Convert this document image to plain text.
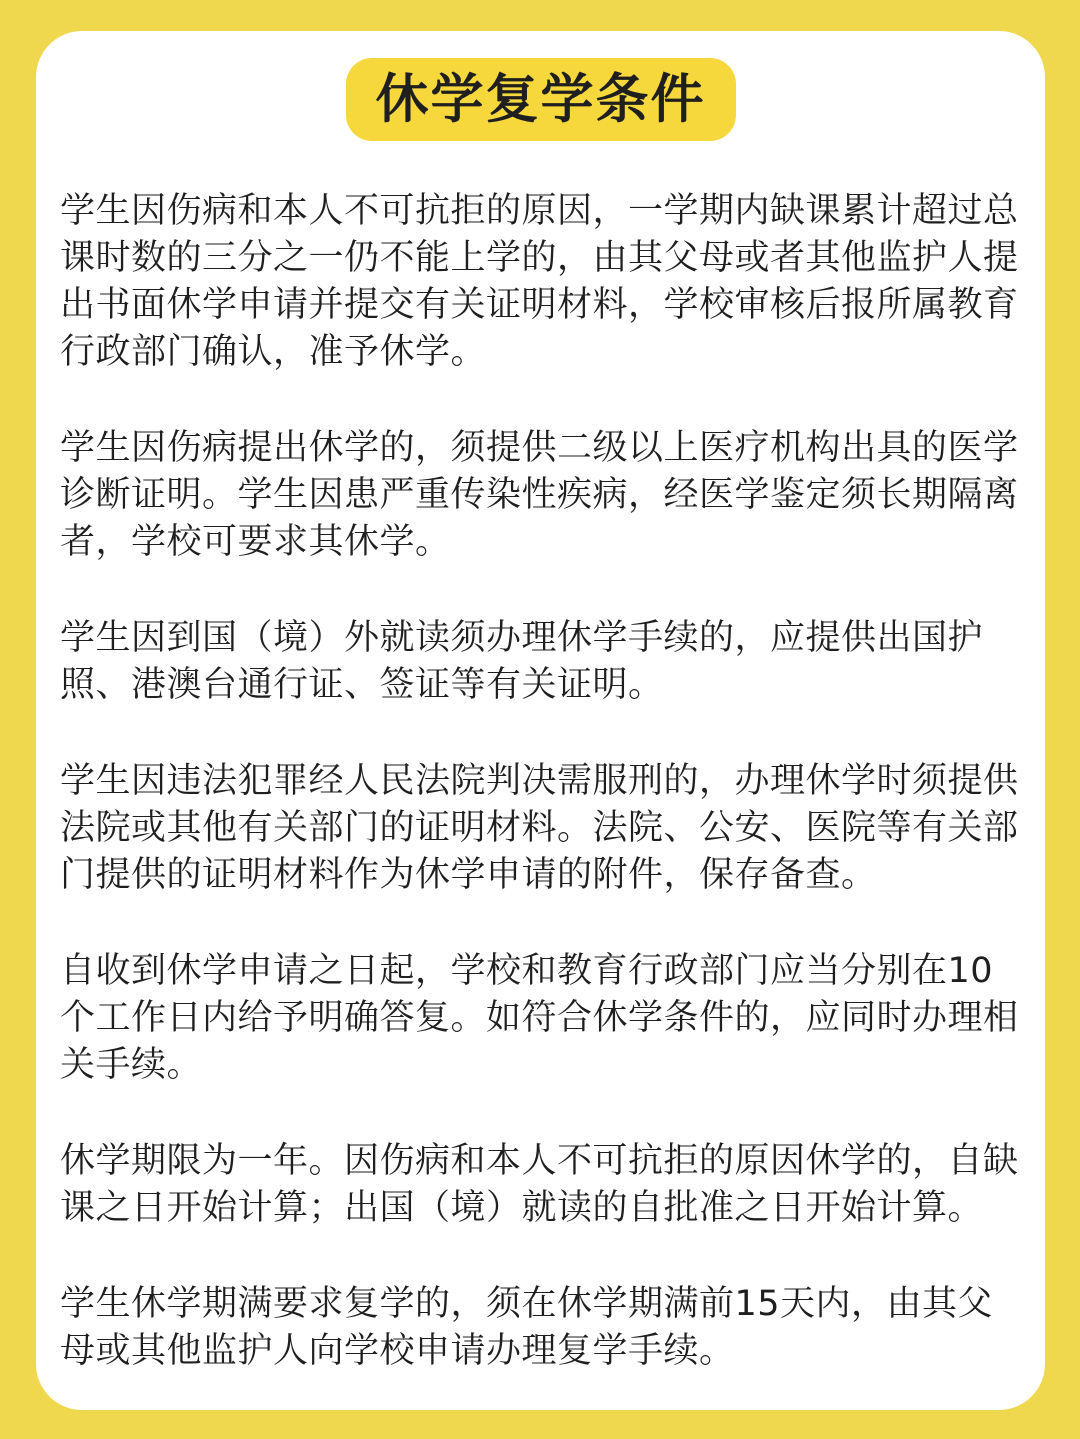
休学复学条件

学生因伤病和本人不可抗拒的原因，一学期内缺课累计超过总课时数的三分之一仍不能上学的，由其父母或者其他监护人提出书面休学申请并提交有关证明材料，学校审核后报所属教育行政部门确认，准予休学。

学生因伤病提出休学的，须提供二级以上医疗机构出具的医学诊断证明。学生因患严重传染性疾病，经医学鉴定须长期隔离者，学校可要求其休学。

学生因到国（境）外就读须办理休学手续的，应提供出国护照、港澳台通行证、签证等有关证明。

学生因违法犯罪经人民法院判决需服刑的，办理休学时须提供法院或其他有关部门的证明材料。法院、公安、医院等有关部门提供的证明材料作为休学申请的附件，保存备查。

自收到休学申请之日起，学校和教育行政部门应当分别在10个工作日内给予明确答复。如符合休学条件的，应同时办理相关手续。

休学期限为一年。因伤病和本人不可抗拒的原因休学的，自缺课之日开始计算；出国（境）就读的自批准之日开始计算。

学生休学期满要求复学的，须在休学期满前15天内，由其父母或其他监护人向学校申请办理复学手续。
